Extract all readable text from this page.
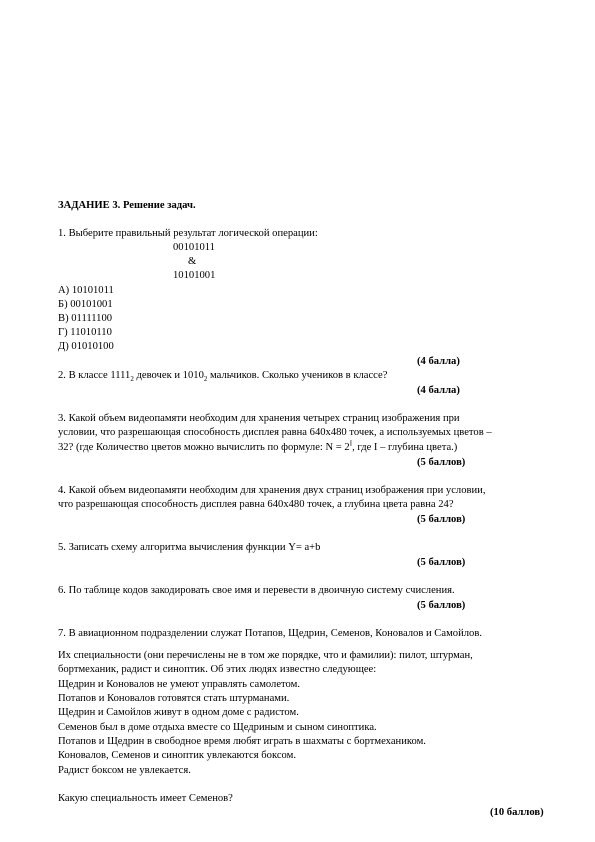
ЗАДАНИЕ 3. Решение задач.
1. Выберите правильный результат логической операции:
00101011
&
10101001
А) 10101011
Б) 00101001
В) 01111100
Г) 11010110
Д) 01010100
(4 балла)
2. В классе $1111_2$ девочек и $1010_2$ мальчиков. Сколько учеников в классе?
(4 балла)
3. Какой объем видеопамяти необходим для хранения четырех страниц изображения при
условии, что разрешающая способность дисплея равна 640х480 точек, а используемых цветов –
32? (где Количество цветов можно вычислить по формуле: $N = 2^I$, где I – глубина цвета.)
(5 баллов)
4. Какой объем видеопамяти необходим для хранения двух страниц изображения при условии,
что разрешающая способность дисплея равна 640х480 точек, а глубина цвета равна 24?
(5 баллов)
5. Записать схему алгоритма вычисления функции Y= a+b
(5 баллов)
6. По таблице кодов закодировать свое имя и перевести в двоичную систему счисления.
(5 баллов)
7. В авиационном подразделении служат Потапов, Щедрин, Семенов, Коновалов и Самойлов.
Их специальности (они перечислены не в том же порядке, что и фамилии): пилот, штурман,
бортмеханик, радист и синоптик. Об этих людях известно следующее:
Щедрин и Коновалов не умеют управлять самолетом.
Потапов и Коновалов готовятся стать штурманами.
Щедрин и Самойлов живут в одном доме с радистом.
Семенов был в доме отдыха вместе со Щедриным и сыном синоптика.
Потапов и Щедрин в свободное время любят играть в шахматы с бортмехаником.
Коновалов, Семенов и синоптик увлекаются боксом.
Радист боксом не увлекается.
Какую специальность имеет Семенов?
(10 баллов)
